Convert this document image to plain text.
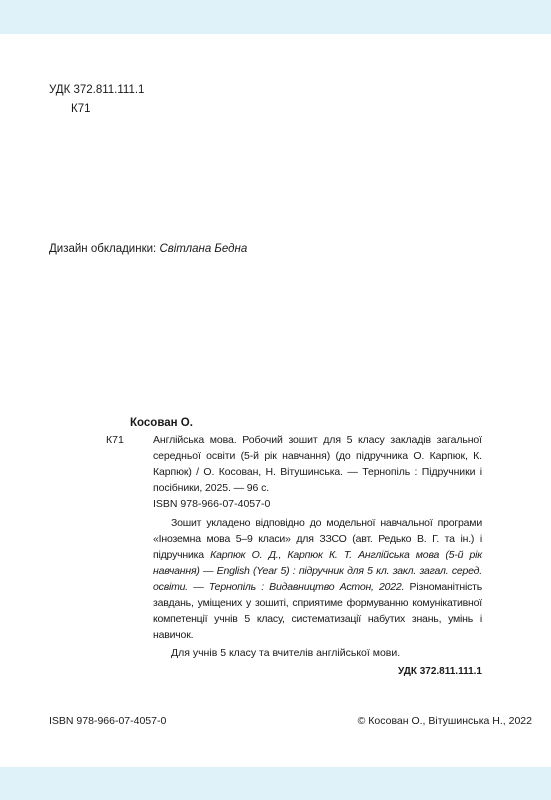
УДК 372.811.111.1
К71
Дизайн обкладинки: Світлана Бедна
Косован О.
К71	Англійська мова. Робочий зошит для 5 класу закладів загальної середньої освіти (5-й рік навчання) (до підручника О. Карпюк, К. Карпюк) / О. Косован, Н. Вітушинська. — Тернопіль : Підручники і посібники, 2025. — 96 с.
ISBN 978-966-07-4057-0
Зошит укладено відповідно до модельної навчальної програми «Іноземна мова 5–9 класи» для ЗЗСО (авт. Редько В. Г. та ін.) і підручника Карпюк О. Д., Карпюк К. Т. Англійська мова (5-й рік навчання) — English (Year 5) : підручник для 5 кл. закл. загал. серед. освіти. — Тернопіль : Видавництво Астон, 2022. Різноманітність завдань, уміщених у зошиті, сприятиме формуванню комунікативної компетенції учнів 5 класу, систематизації набутих знань, умінь і навичок.
Для учнів 5 класу та вчителів англійської мови.
УДК 372.811.111.1
ISBN 978-966-07-4057-0	© Косован О., Вітушинська Н., 2022
